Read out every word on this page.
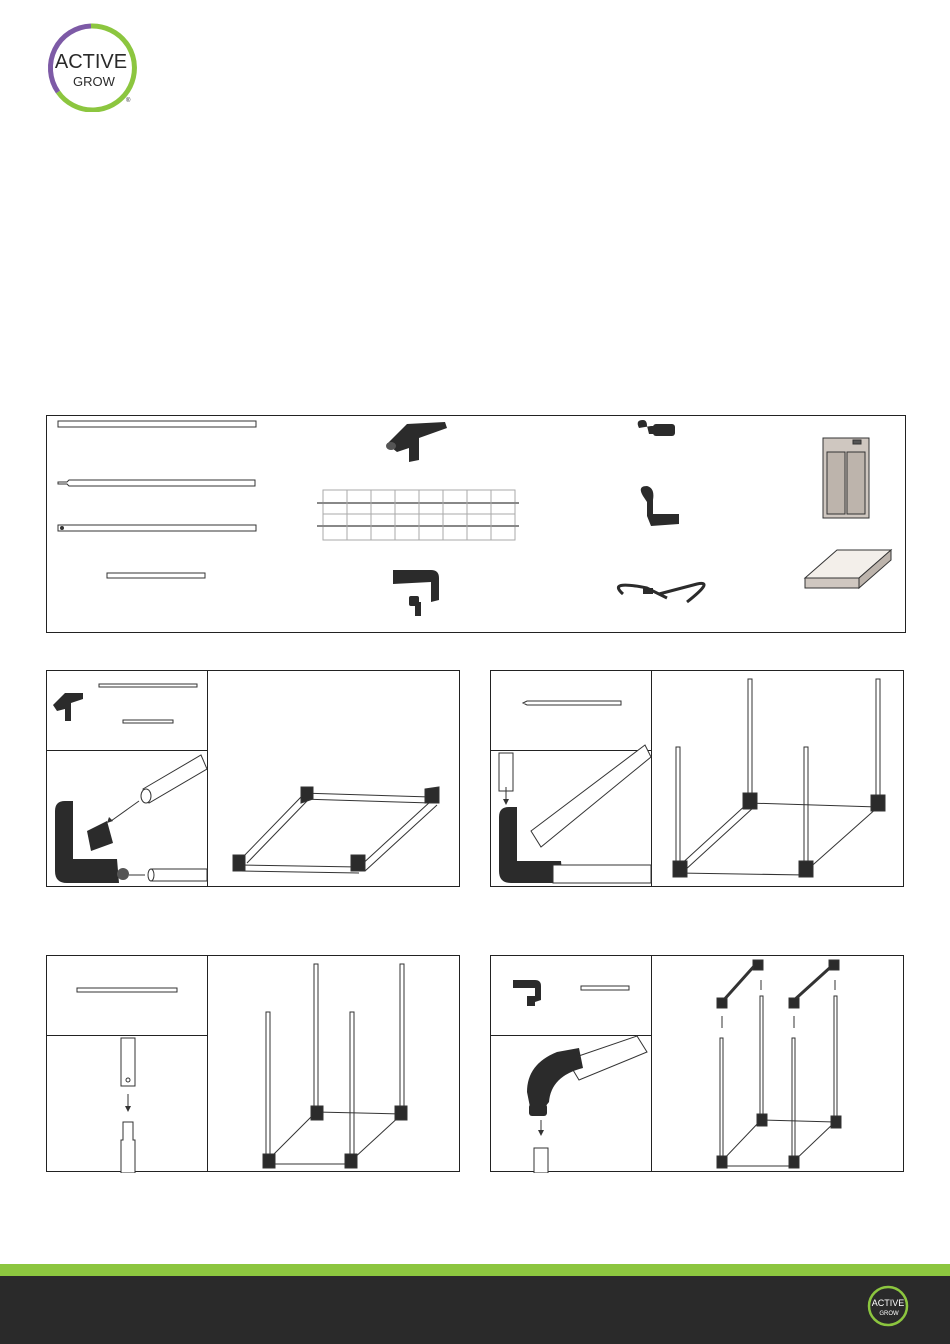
ACTIVE
GROW
®
ACTIVE
GROW
